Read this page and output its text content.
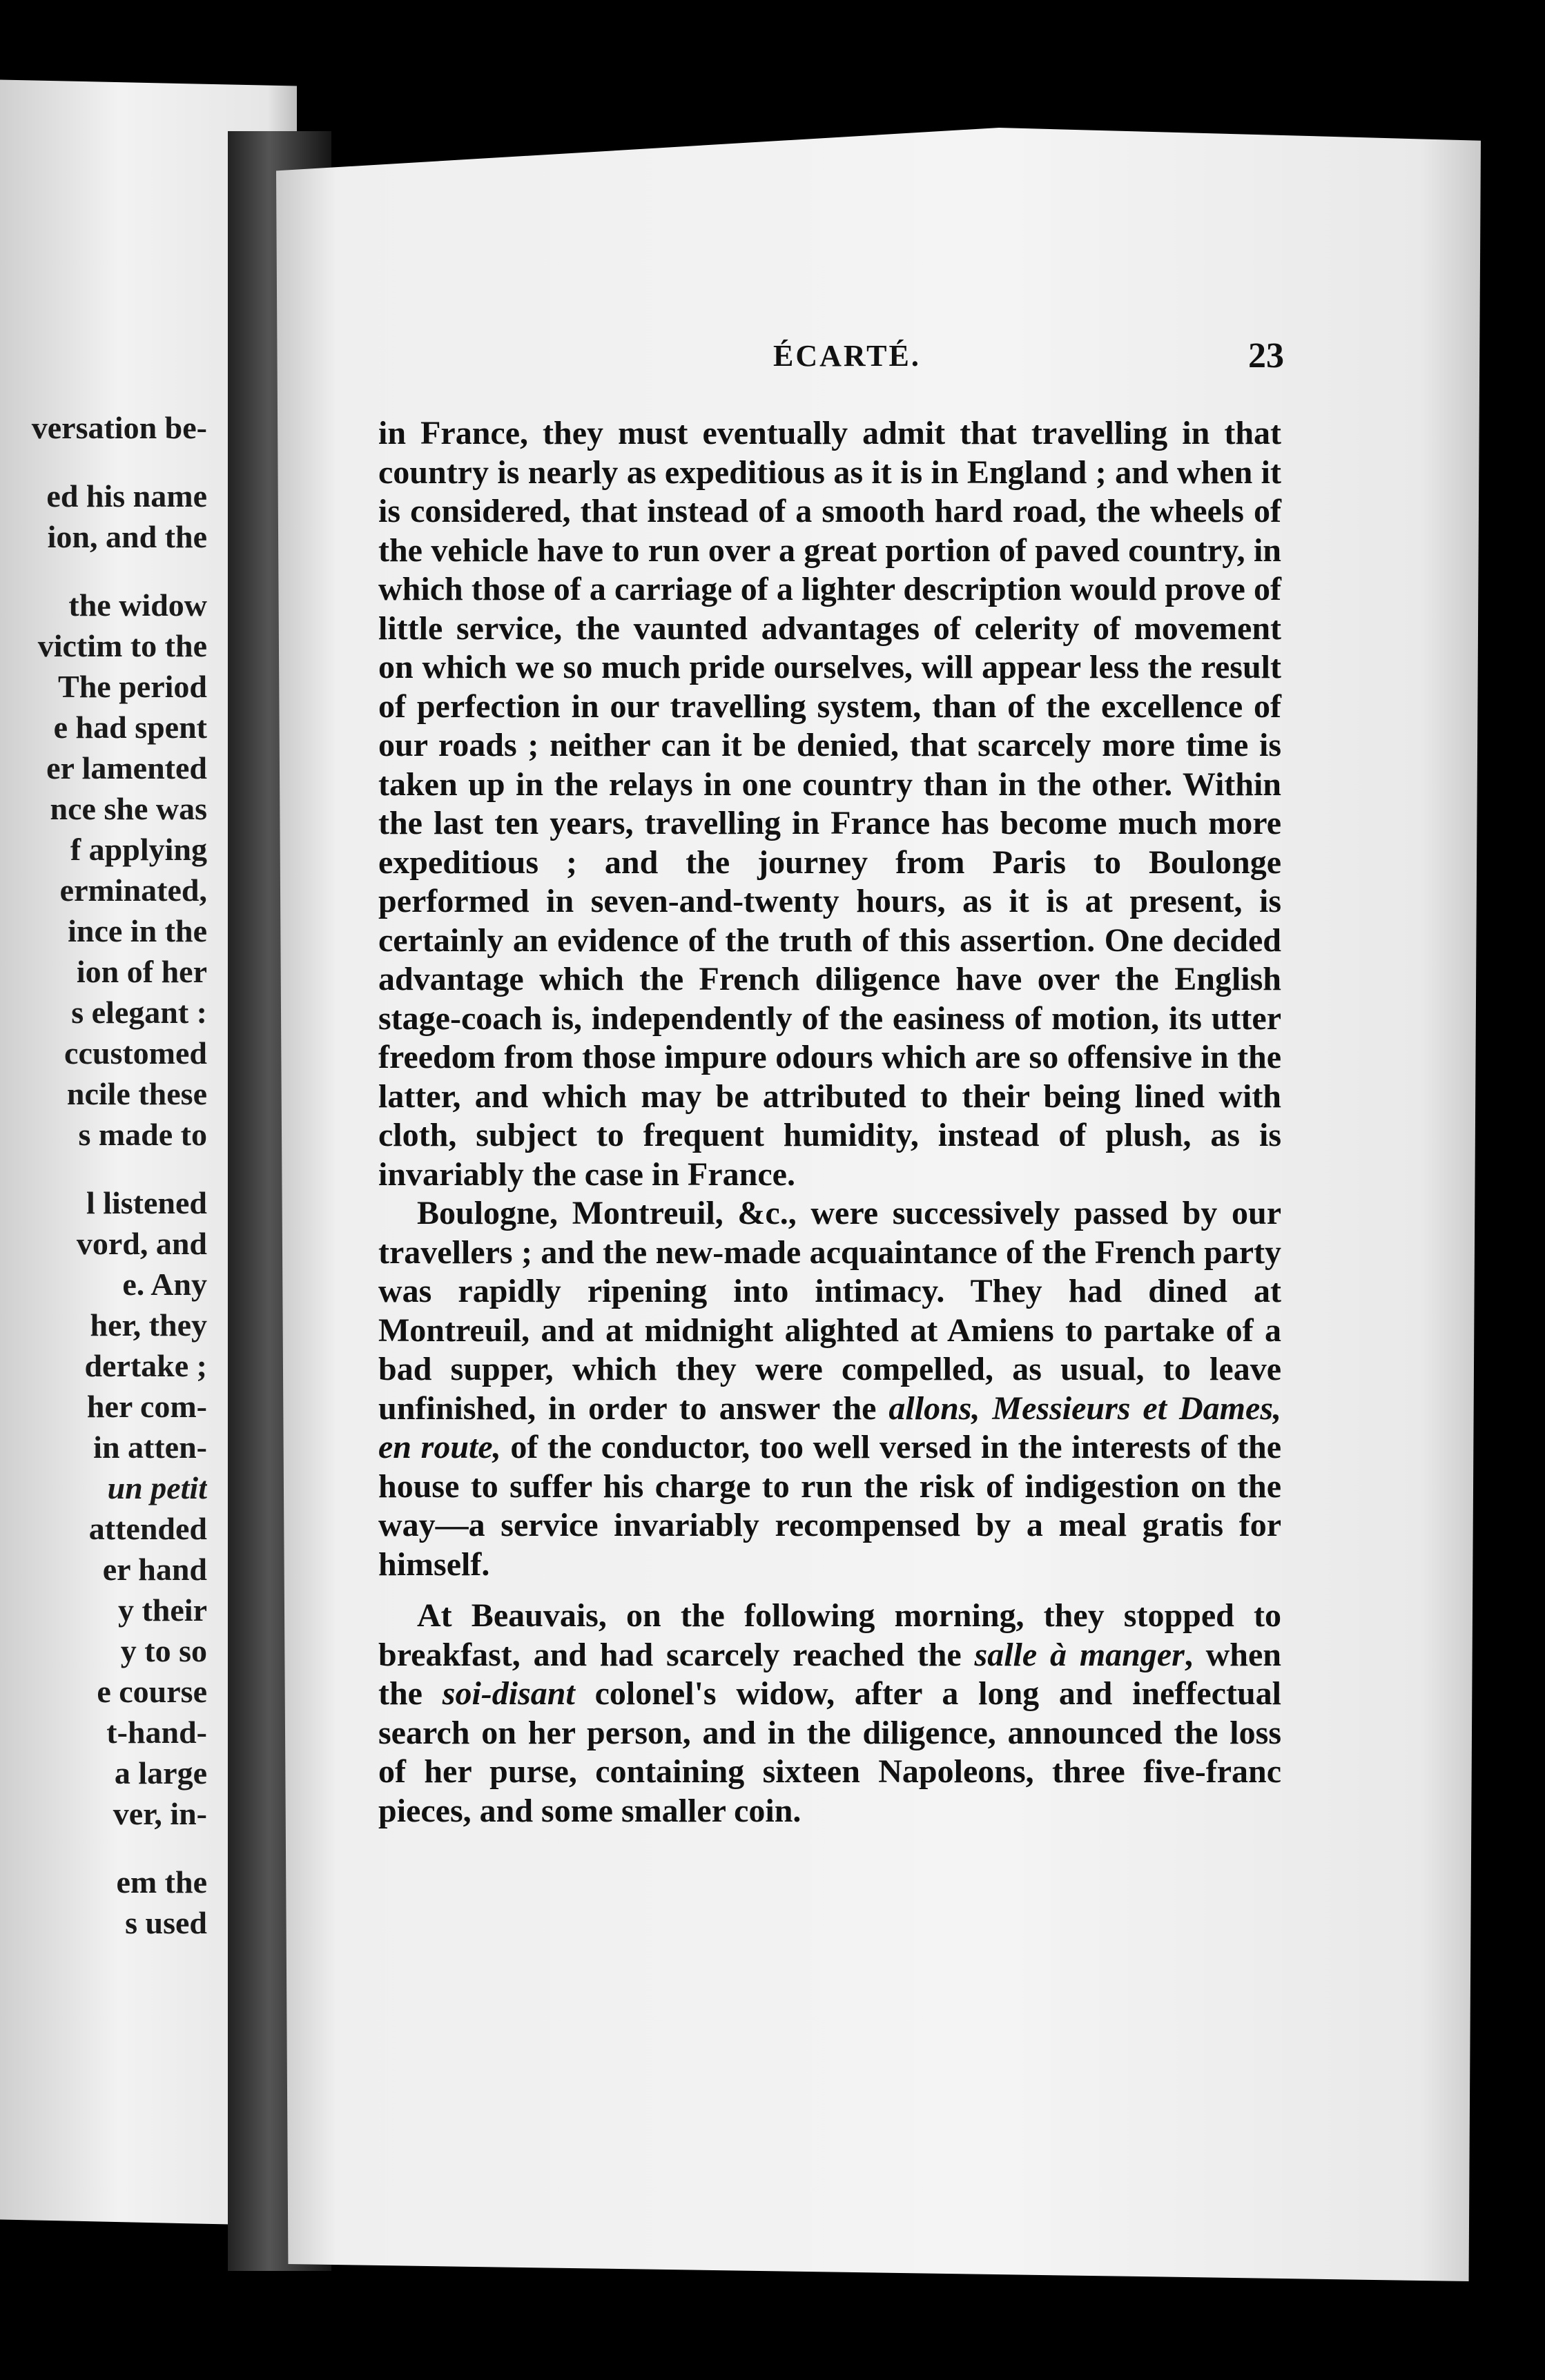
versation be-
ed his name
ion, and the
the widow
victim to the
The period
e had spent
er lamented
nce she was
f applying
erminated,
ince in the
ion of her
s elegant :
ccustomed
ncile these
s made to
l listened
vord, and
e. Any
her, they
dertake ;
her com-
in atten-
un petit
attended
er hand
y their
y to so
e course
t-hand-
a large
ver, in-
em the
s used
ÉCARTÉ.	23

in France, they must eventually admit that travelling in that country is nearly as expeditious as it is in England ; and when it is considered, that instead of a smooth hard road, the wheels of the vehicle have to run over a great portion of paved country, in which those of a carriage of a lighter description would prove of little service, the vaunted advantages of celerity of movement on which we so much pride ourselves, will appear less the result of perfection in our travelling system, than of the excellence of our roads ; neither can it be denied, that scarcely more time is taken up in the relays in one country than in the other. Within the last ten years, travelling in France has become much more expeditious ; and the journey from Paris to Boulonge performed in seven-and-twenty hours, as it is at present, is certainly an evidence of the truth of this assertion. One decided advantage which the French diligence have over the English stage-coach is, independently of the easiness of motion, its utter freedom from those impure odours which are so offensive in the latter, and which may be attributed to their being lined with cloth, subject to frequent humidity, instead of plush, as is invariably the case in France.

Boulogne, Montreuil, &c., were successively passed by our travellers ; and the new-made acquaintance of the French party was rapidly ripening into intimacy. They had dined at Montreuil, and at midnight alighted at Amiens to partake of a bad supper, which they were compelled, as usual, to leave unfinished, in order to answer the allons, Messieurs et Dames, en route, of the conductor, too well versed in the interests of the house to suffer his charge to run the risk of indigestion on the way—a service invariably recompensed by a meal gratis for himself.

At Beauvais, on the following morning, they stopped to breakfast, and had scarcely reached the salle à manger, when the soi-disant colonel's widow, after a long and ineffectual search on her person, and in the diligence, announced the loss of her purse, containing sixteen Napoleons, three five-franc pieces, and some smaller coin.
